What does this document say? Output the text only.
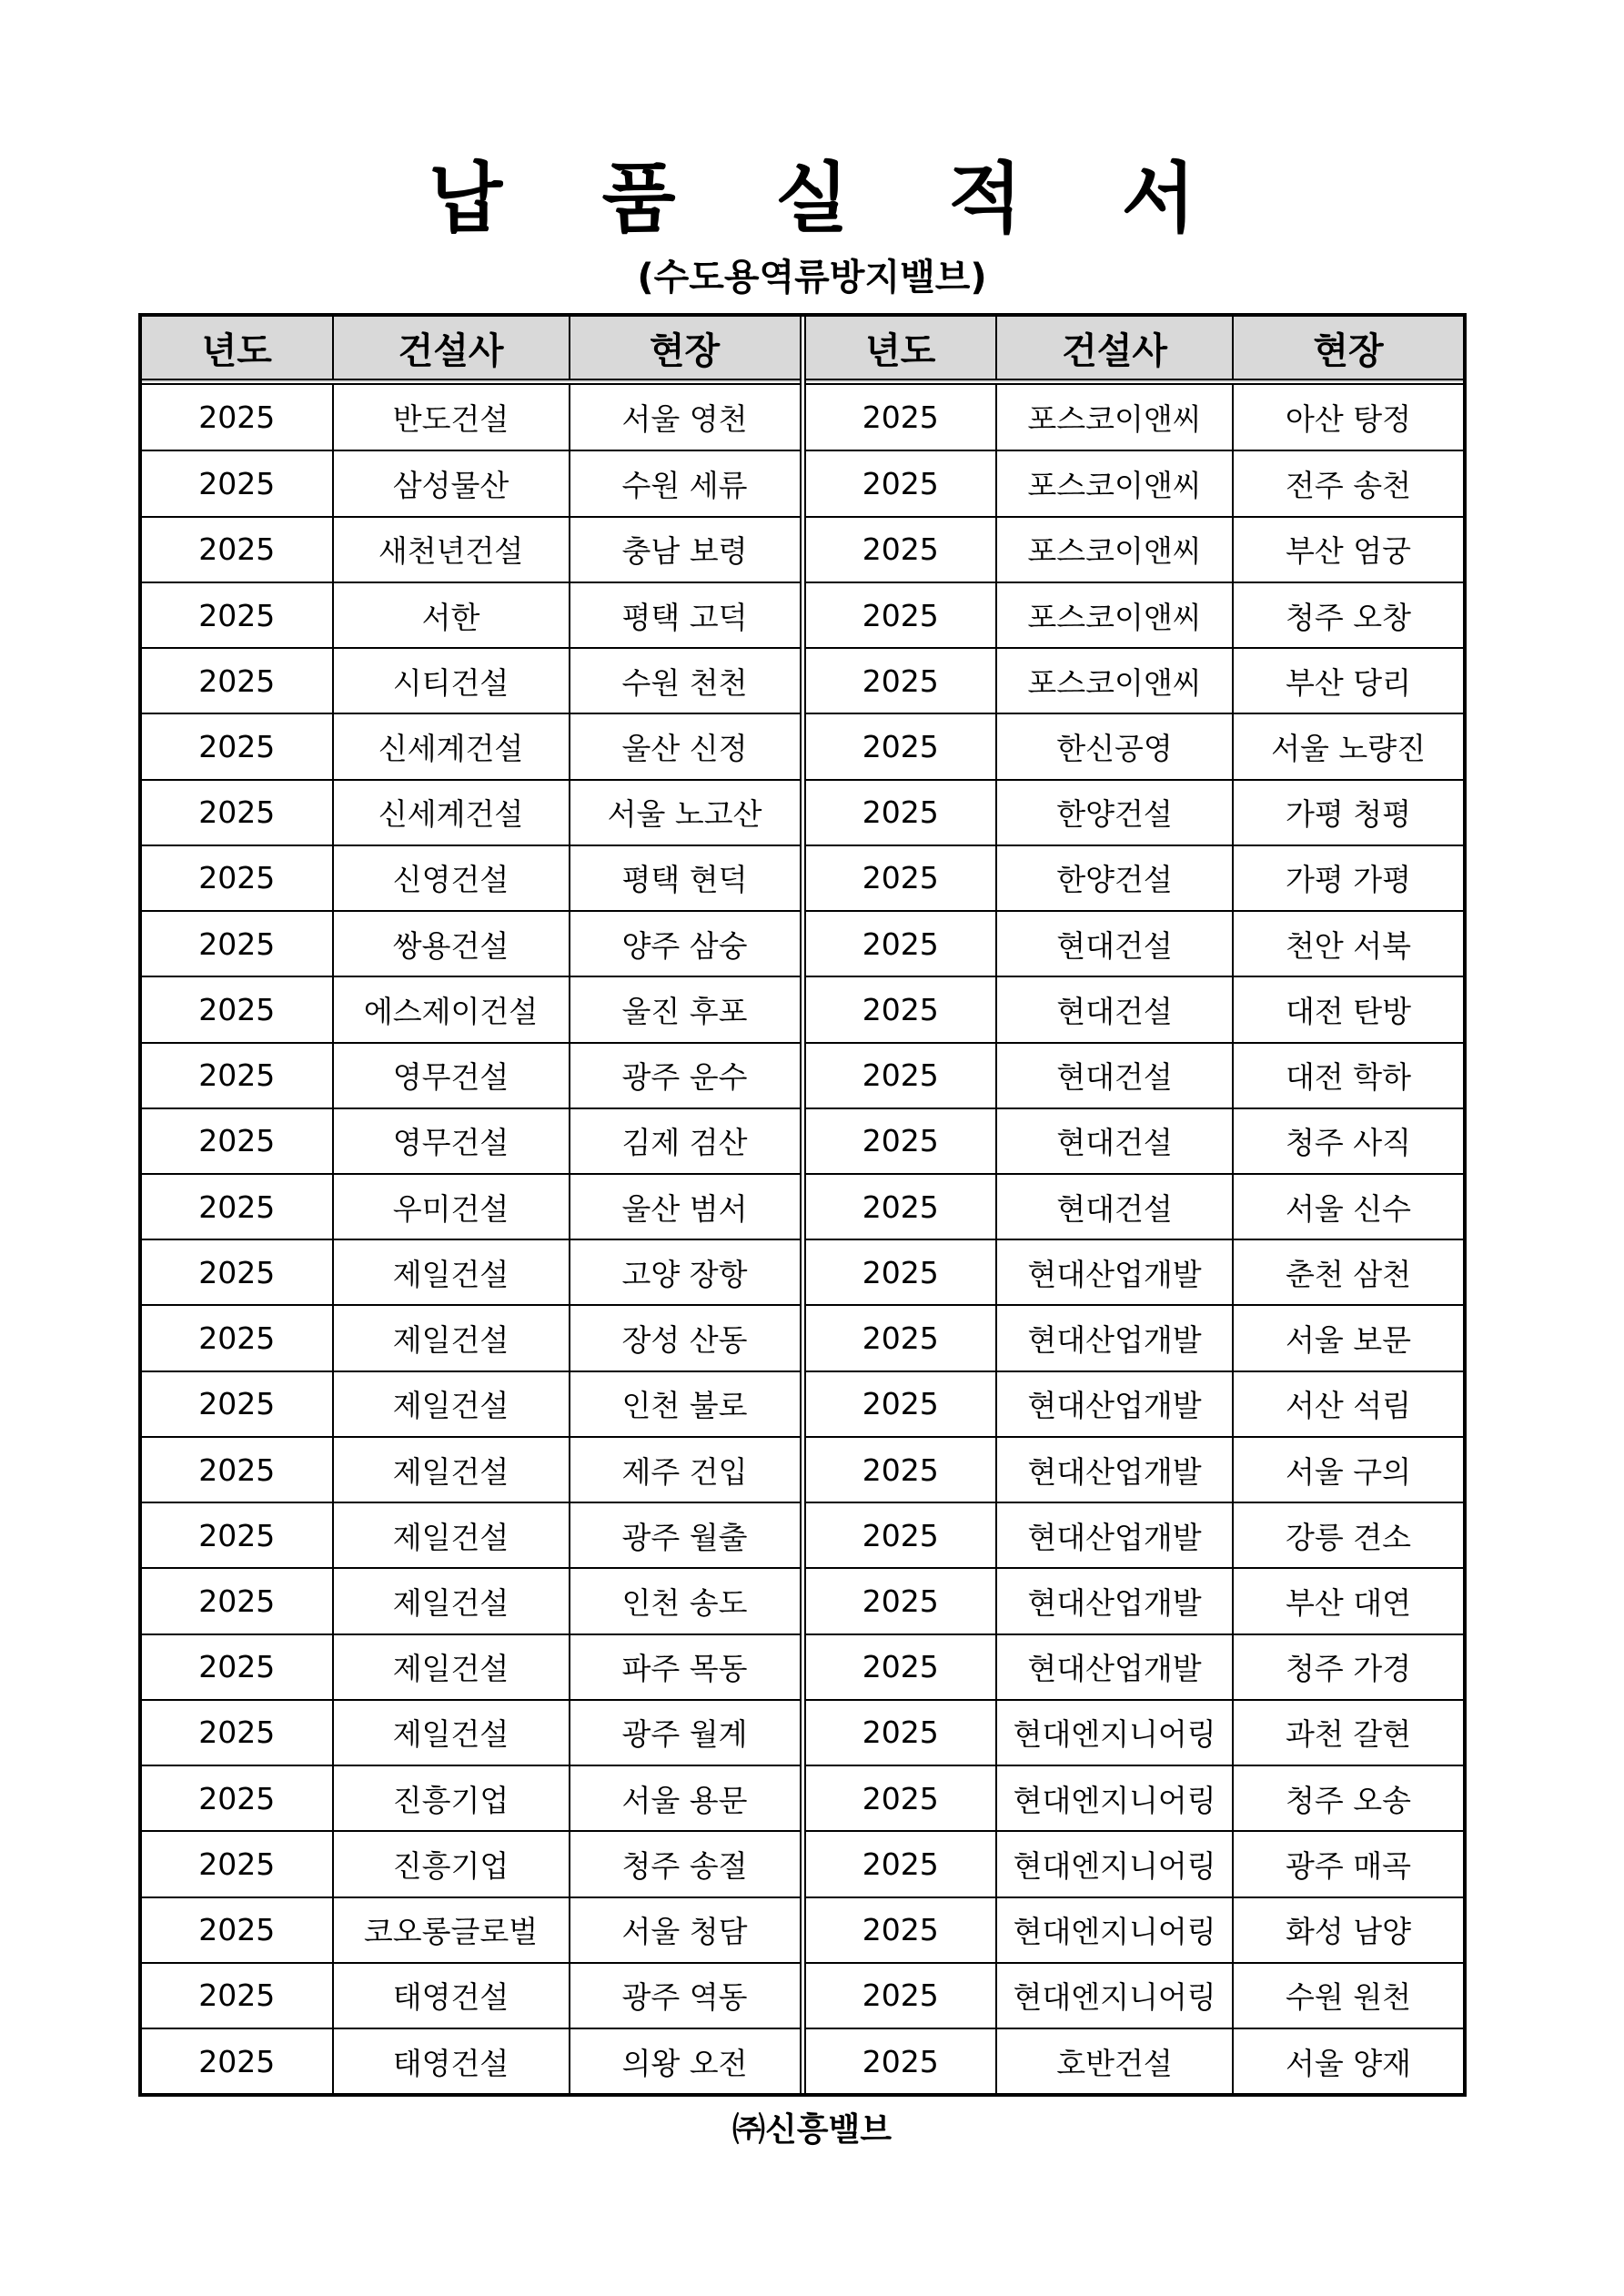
납 품 실 적 서
(수도용역류방지밸브)
년도	건설사	현장
2025	반도건설	서울 영천
2025	삼성물산	수원 세류
2025	새천년건설	충남 보령
2025	서한	평택 고덕
2025	시티건설	수원 천천
2025	신세계건설	울산 신정
2025	신세계건설	서울 노고산
2025	신영건설	평택 현덕
2025	쌍용건설	양주 삼숭
2025	에스제이건설	울진 후포
2025	영무건설	광주 운수
2025	영무건설	김제 검산
2025	우미건설	울산 범서
2025	제일건설	고양 장항
2025	제일건설	장성 산동
2025	제일건설	인천 불로
2025	제일건설	제주 건입
2025	제일건설	광주 월출
2025	제일건설	인천 송도
2025	제일건설	파주 목동
2025	제일건설	광주 월계
2025	진흥기업	서울 용문
2025	진흥기업	청주 송절
2025	코오롱글로벌	서울 청담
2025	태영건설	광주 역동
2025	태영건설	의왕 오전
년도	건설사	현장
2025	포스코이앤씨	아산 탕정
2025	포스코이앤씨	전주 송천
2025	포스코이앤씨	부산 엄궁
2025	포스코이앤씨	청주 오창
2025	포스코이앤씨	부산 당리
2025	한신공영	서울 노량진
2025	한양건설	가평 청평
2025	한양건설	가평 가평
2025	현대건설	천안 서북
2025	현대건설	대전 탄방
2025	현대건설	대전 학하
2025	현대건설	청주 사직
2025	현대건설	서울 신수
2025	현대산업개발	춘천 삼천
2025	현대산업개발	서울 보문
2025	현대산업개발	서산 석림
2025	현대산업개발	서울 구의
2025	현대산업개발	강릉 견소
2025	현대산업개발	부산 대연
2025	현대산업개발	청주 가경
2025	현대엔지니어링	과천 갈현
2025	현대엔지니어링	청주 오송
2025	현대엔지니어링	광주 매곡
2025	현대엔지니어링	화성 남양
2025	현대엔지니어링	수원 원천
2025	호반건설	서울 양재
㈜신흥밸브
